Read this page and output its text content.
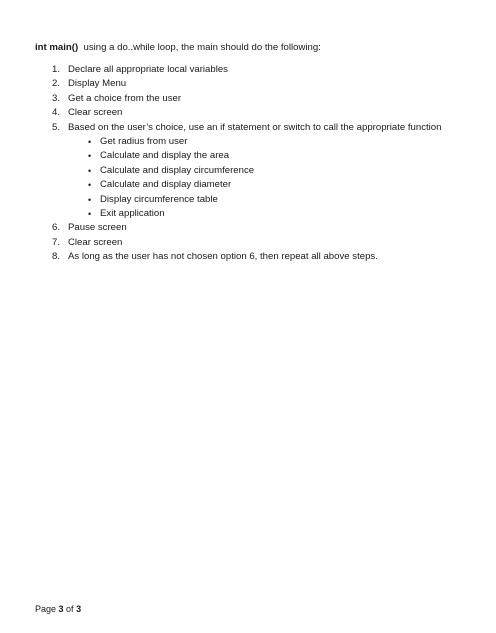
int main()  using a do..while loop, the main should do the following:
1. Declare all appropriate local variables
2. Display Menu
3. Get a choice from the user
4. Clear screen
5. Based on the user’s choice, use an if statement or switch to call the appropriate function
• Get radius from user
• Calculate and display the area
• Calculate and display circumference
• Calculate and display diameter
• Display circumference table
• Exit application
6. Pause screen
7. Clear screen
8. As long as the user has not chosen option 6, then repeat all above steps.
Page 3 of 3
